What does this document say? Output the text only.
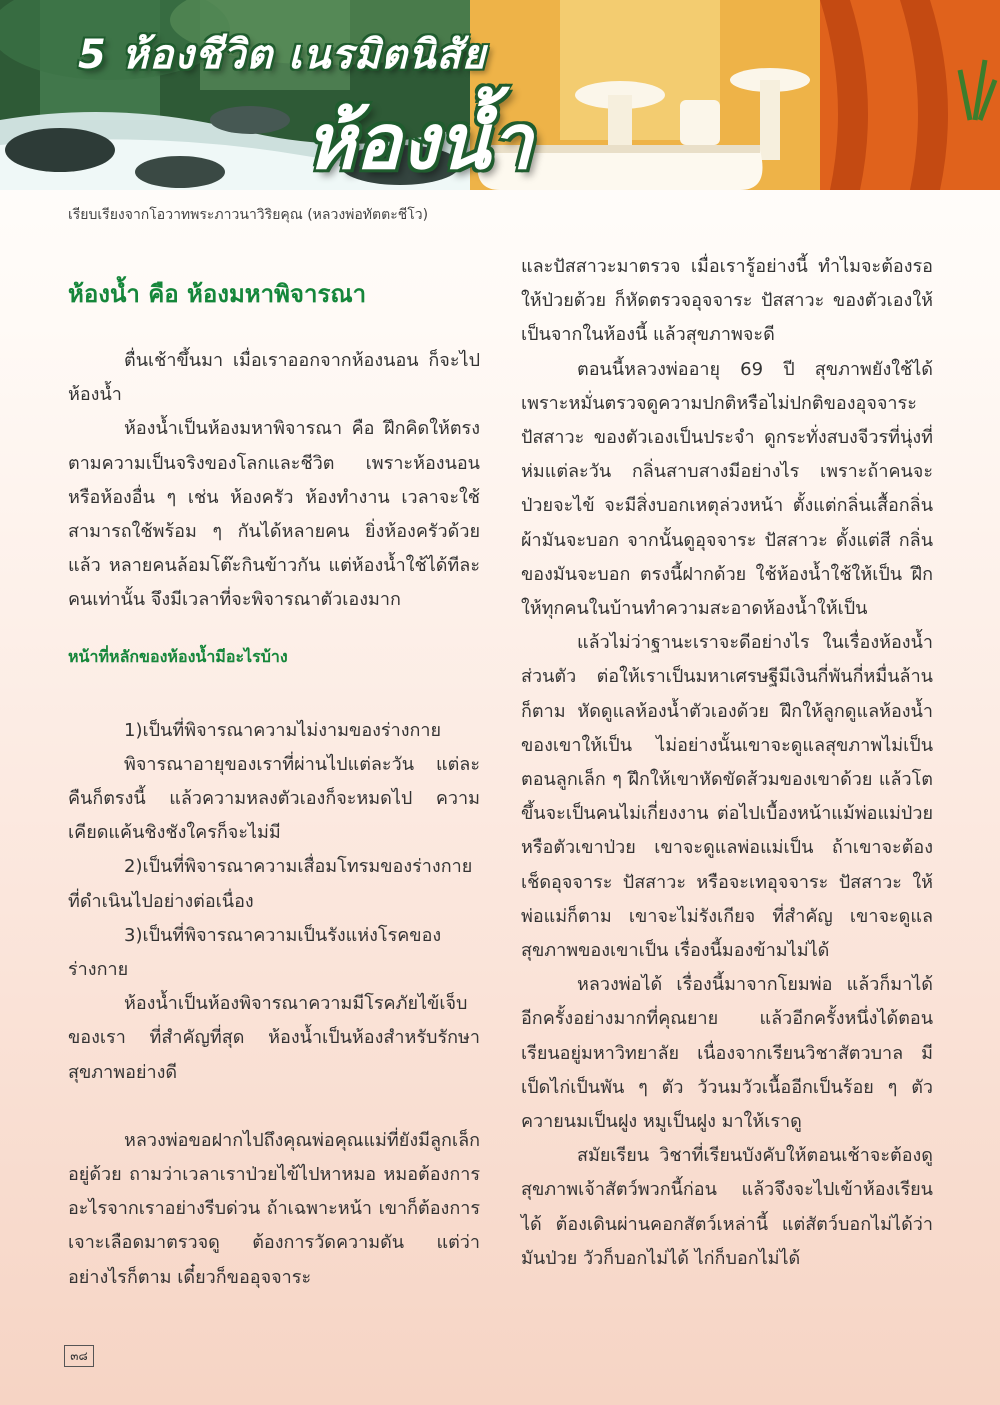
5 ห้องชีวิต เนรมิตนิสัย
ห้องน้ำ
เรียบเรียงจากโอวาทพระภาวนาวิริยคุณ (หลวงพ่อทัตตะชีโว)
ห้องน้ำ คือ ห้องมหาพิจารณา

ตื่นเช้าขึ้นมา เมื่อเราออกจากห้องนอน ก็จะไปห้องน้ำ

ห้องน้ำเป็นห้องมหาพิจารณา คือ ฝึกคิดให้ตรงตามความเป็นจริงของโลกและชีวิต เพราะห้องนอนหรือห้องอื่น ๆ เช่น ห้องครัว ห้องทำงาน เวลาจะใช้ สามารถใช้พร้อม ๆ กันได้หลายคน ยิ่งห้องครัวด้วยแล้ว หลายคนล้อมโต๊ะกินข้าวกัน แต่ห้องน้ำใช้ได้ทีละคนเท่านั้น จึงมีเวลาที่จะพิจารณาตัวเองมาก

หน้าที่หลักของห้องน้ำมีอะไรบ้าง

1)เป็นที่พิจารณาความไม่งามของร่างกาย

พิจารณาอายุของเราที่ผ่านไปแต่ละวัน แต่ละคืนก็ตรงนี้ แล้วความหลงตัวเองก็จะหมดไป ความเคียดแค้นชิงชังใครก็จะไม่มี

2)เป็นที่พิจารณาความเสื่อมโทรมของร่างกายที่ดำเนินไปอย่างต่อเนื่อง

3)เป็นที่พิจารณาความเป็นรังแห่งโรคของร่างกาย

ห้องน้ำเป็นห้องพิจารณาความมีโรคภัยไข้เจ็บของเรา ที่สำคัญที่สุด ห้องน้ำเป็นห้องสำหรับรักษาสุขภาพอย่างดี

หลวงพ่อขอฝากไปถึงคุณพ่อคุณแม่ที่ยังมีลูกเล็กอยู่ด้วย ถามว่าเวลาเราป่วยไข้ไปหาหมอ หมอต้องการอะไรจากเราอย่างรีบด่วน ถ้าเฉพาะหน้า เขาก็ต้องการเจาะเลือดมาตรวจดู ต้องการวัดความดัน แต่ว่าอย่างไรก็ตาม เดี๋ยวก็ขออุจจาระ

และปัสสาวะมาตรวจ เมื่อเรารู้อย่างนี้ ทำไมจะต้องรอให้ป่วยด้วย ก็หัดตรวจอุจจาระ ปัสสาวะ ของตัวเองให้เป็นจากในห้องนี้ แล้วสุขภาพจะดี

ตอนนี้หลวงพ่ออายุ 69 ปี สุขภาพยังใช้ได้ เพราะหมั่นตรวจดูความปกติหรือไม่ปกติของอุจจาระ ปัสสาวะ ของตัวเองเป็นประจำ ดูกระทั่งสบงจีวรที่นุ่งที่ห่มแต่ละวัน กลิ่นสาบสางมีอย่างไร เพราะถ้าคนจะป่วยจะไข้ จะมีสิ่งบอกเหตุล่วงหน้า ตั้งแต่กลิ่นเสื้อกลิ่นผ้ามันจะบอก จากนั้นดูอุจจาระ ปัสสาวะ ดั้งแต่สี กลิ่น ของมันจะบอก ตรงนี้ฝากด้วย ใช้ห้องน้ำใช้ให้เป็น ฝึกให้ทุกคนในบ้านทำความสะอาดห้องน้ำให้เป็น

แล้วไม่ว่าฐานะเราจะดีอย่างไร ในเรื่องห้องน้ำส่วนตัว ต่อให้เราเป็นมหาเศรษฐีมีเงินกี่พันกี่หมื่นล้านก็ตาม หัดดูแลห้องน้ำตัวเองด้วย ฝึกให้ลูกดูแลห้องน้ำของเขาให้เป็น ไม่อย่างนั้นเขาจะดูแลสุขภาพไม่เป็น ตอนลูกเล็ก ๆ ฝึกให้เขาหัดขัดส้วมของเขาด้วย แล้วโตขึ้นจะเป็นคนไม่เกี่ยงงาน ต่อไปเบื้องหน้าแม้พ่อแม่ป่วย หรือตัวเขาป่วย เขาจะดูแลพ่อแม่เป็น ถ้าเขาจะต้องเช็ดอุจจาระ ปัสสาวะ หรือจะเทอุจจาระ ปัสสาวะ ให้พ่อแม่ก็ตาม เขาจะไม่รังเกียจ ที่สำคัญ เขาจะดูแลสุขภาพของเขาเป็น เรื่องนี้มองข้ามไม่ได้

หลวงพ่อได้ เรื่องนี้มาจากโยมพ่อ แล้วก็มาได้อีกครั้งอย่างมากที่คุณยาย แล้วอีกครั้งหนึ่งได้ตอนเรียนอยู่มหาวิทยาลัย เนื่องจากเรียนวิชาสัตวบาล มีเป็ดไก่เป็นพัน ๆ ตัว วัวนมวัวเนื้ออีกเป็นร้อย ๆ ตัว ควายนมเป็นฝูง หมูเป็นฝูง มาให้เราดู

สมัยเรียน วิชาที่เรียนบังคับให้ตอนเช้าจะต้องดูสุขภาพเจ้าสัตว์พวกนี้ก่อน แล้วจึงจะไปเข้าห้องเรียนได้ ต้องเดินผ่านคอกสัตว์เหล่านี้ แต่สัตว์บอกไม่ได้ว่ามันป่วย วัวก็บอกไม่ได้ ไก่ก็บอกไม่ได้

๓๘
